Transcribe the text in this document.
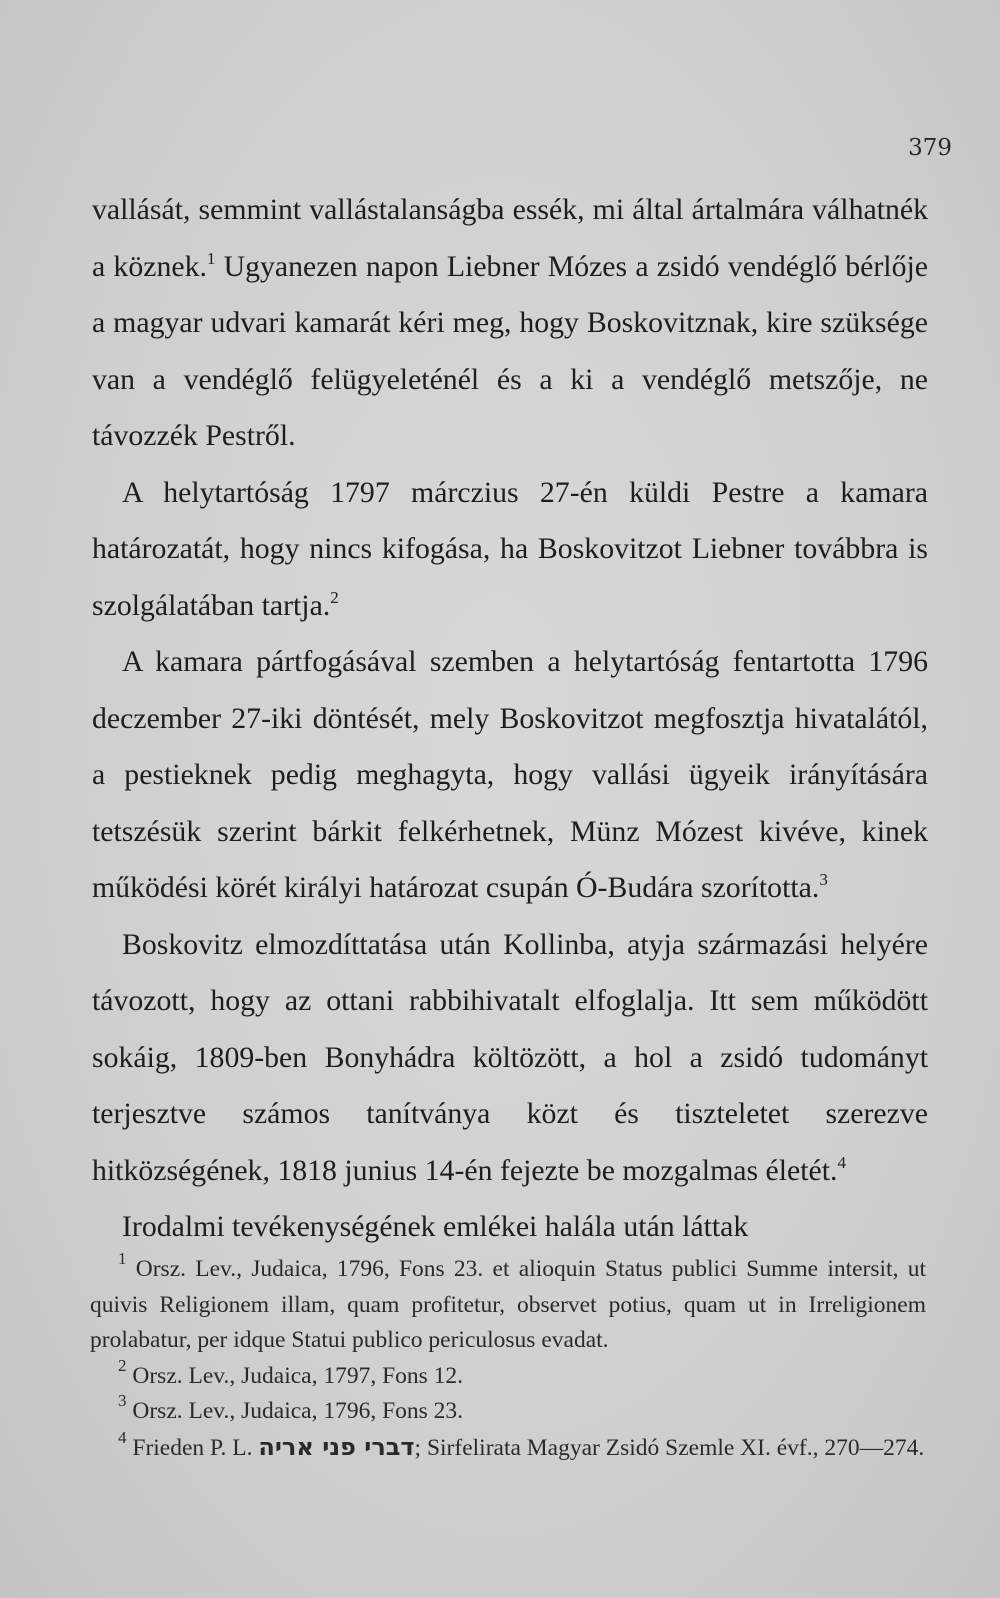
379

vallását, semmint vallástalanságba essék, mi által ártalmára válhatnék a köznek.$^1$ Ugyanezen napon Liebner Mózes a zsidó vendéglő bérlője a magyar udvari kamarát kéri meg, hogy Boskovitznak, kire szüksége van a vendéglő felügyeleténél és a ki a vendéglő metszője, ne távozzék Pestről.

A helytartóság 1797 márczius 27-én küldi Pestre a kamara határozatát, hogy nincs kifogása, ha Boskovitzot Liebner továbbra is szolgálatában tartja.$^2$

A kamara pártfogásával szemben a helytartóság fentartotta 1796 deczember 27-iki döntését, mely Boskovitzot megfosztja hivatalától, a pestieknek pedig meghagyta, hogy vallási ügyeik irányítására tetszésük szerint bárkit felkérhetnek, Münz Mózest kivéve, kinek működési körét királyi határozat csupán Ó-Budára szorította.$^3$

Boskovitz elmozdíttatása után Kollinba, atyja származási helyére távozott, hogy az ottani rabbihivatalt elfoglalja. Itt sem működött sokáig, 1809-ben Bonyhádra költözött, a hol a zsidó tudományt terjesztve számos tanítványa közt és tiszteletet szerezve hitközségének, 1818 junius 14-én fejezte be mozgalmas életét.$^4$

Irodalmi tevékenységének emlékei halála után láttak

$^1$ Orsz. Lev., Judaica, 1796, Fons 23. et alioquin Status publici Summe intersit, ut quivis Religionem illam, quam profitetur, observet potius, quam ut in Irreligionem prolabatur, per idque Statui publico periculosus evadat.

$^2$ Orsz. Lev., Judaica, 1797, Fons 12.

$^3$ Orsz. Lev., Judaica, 1796, Fons 23.

$^4$ Frieden P. L. דברי פני אריה; Sirfelirata Magyar Zsidó Szemle XI. évf., 270—274.
